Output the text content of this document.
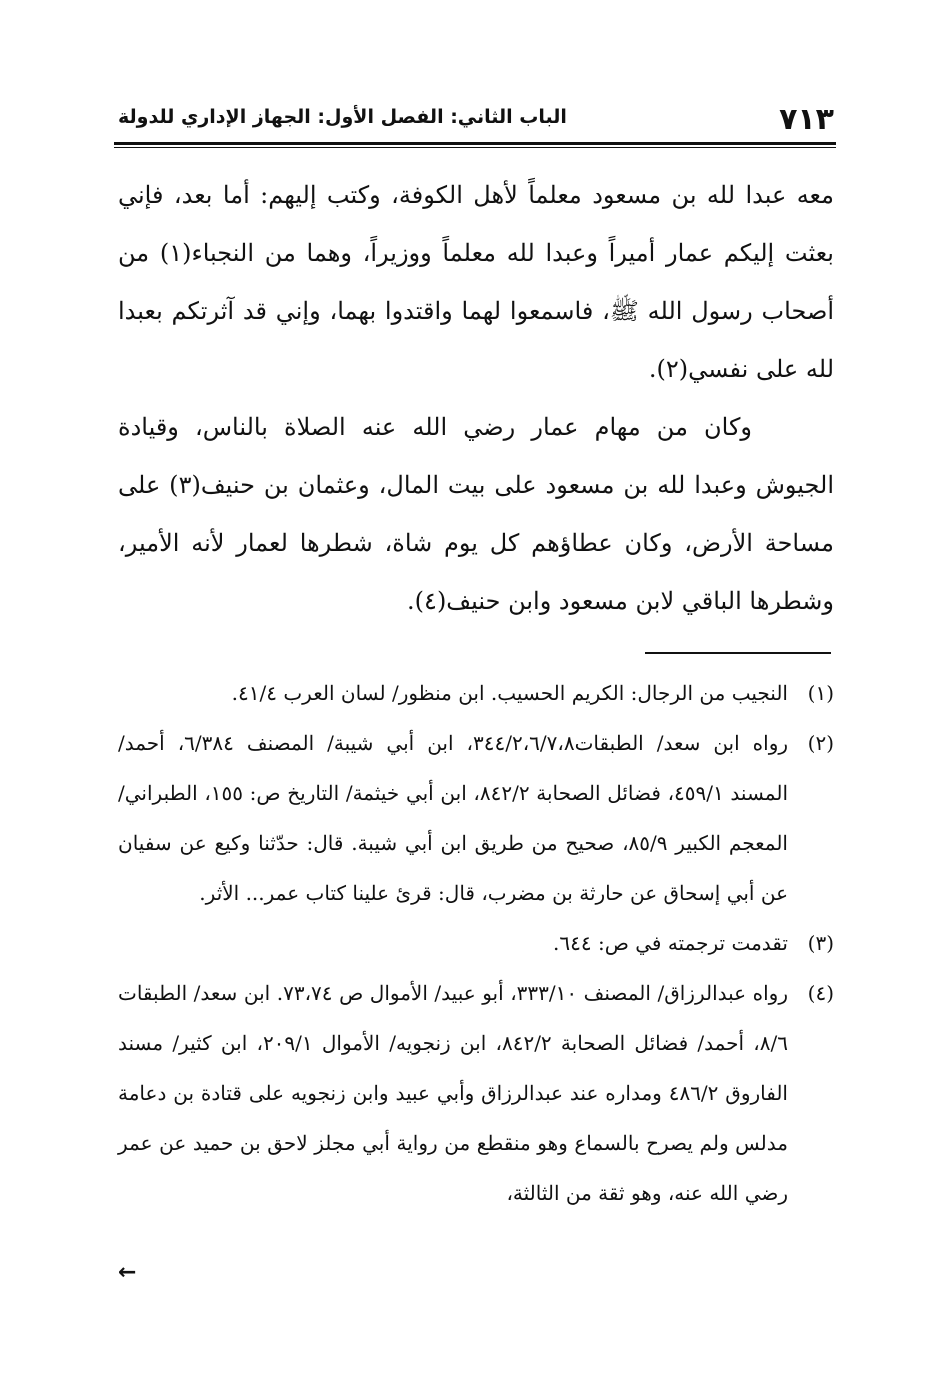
٧١٣
الباب الثاني: الفصل الأول: الجهاز الإداري للدولة

معه عبدا لله بن مسعود معلماً لأهل الكوفة، وكتب إليهم: أما بعد، فإني بعثت إليكم عمار أميراً وعبدا لله معلماً ووزيراً، وهما من النجباء(١) من أصحاب رسول الله ﷺ، فاسمعوا لهما واقتدوا بهما، وإني قد آثرتكم بعبدا لله على نفسي(٢).

وكان من مهام عمار رضي الله عنه الصلاة بالناس، وقيادة الجيوش وعبدا لله بن مسعود على بيت المال، وعثمان بن حنيف(٣) على مساحة الأرض، وكان عطاؤهم كل يوم شاة، شطرها لعمار لأنه الأمير، وشطرها الباقي لابن مسعود وابن حنيف(٤).

(١)
النجيب من الرجال: الكريم الحسيب. ابن منظور/ لسان العرب ٤١/٤.

(٢)
رواه ابن سعد/ الطبقات٣٤٤/٢،٦/٧،٨، ابن أبي شيبة/ المصنف ٦/٣٨٤، أحمد/ المسند ٤٥٩/١، فضائل الصحابة ٨٤٢/٢، ابن أبي خيثمة/ التاريخ ص: ١٥٥، الطبراني/ المعجم الكبير ٨٥/٩، صحيح من طريق ابن أبي شيبة. قال: حدّثنا وكيع عن سفيان عن أبي إسحاق عن حارثة بن مضرب، قال: قرئ علينا كتاب عمر... الأثر.

(٣)
تقدمت ترجمته في ص: ٦٤٤.

(٤)
رواه عبدالرزاق/ المصنف ٣٣٣/١٠، أبو عبيد/ الأموال ص ٧٣،٧٤. ابن سعد/ الطبقات ٨/٦، أحمد/ فضائل الصحابة ٨٤٢/٢، ابن زنجويه/ الأموال ٢٠٩/١، ابن كثير/ مسند الفاروق ٤٨٦/٢ ومداره عند عبدالرزاق وأبي عبيد وابن زنجويه على قتادة بن دعامة مدلس ولم يصرح بالسماع وهو منقطع من رواية أبي مجلز لاحق بن حميد عن عمر رضي الله عنه، وهو ثقة من الثالثة،

←
